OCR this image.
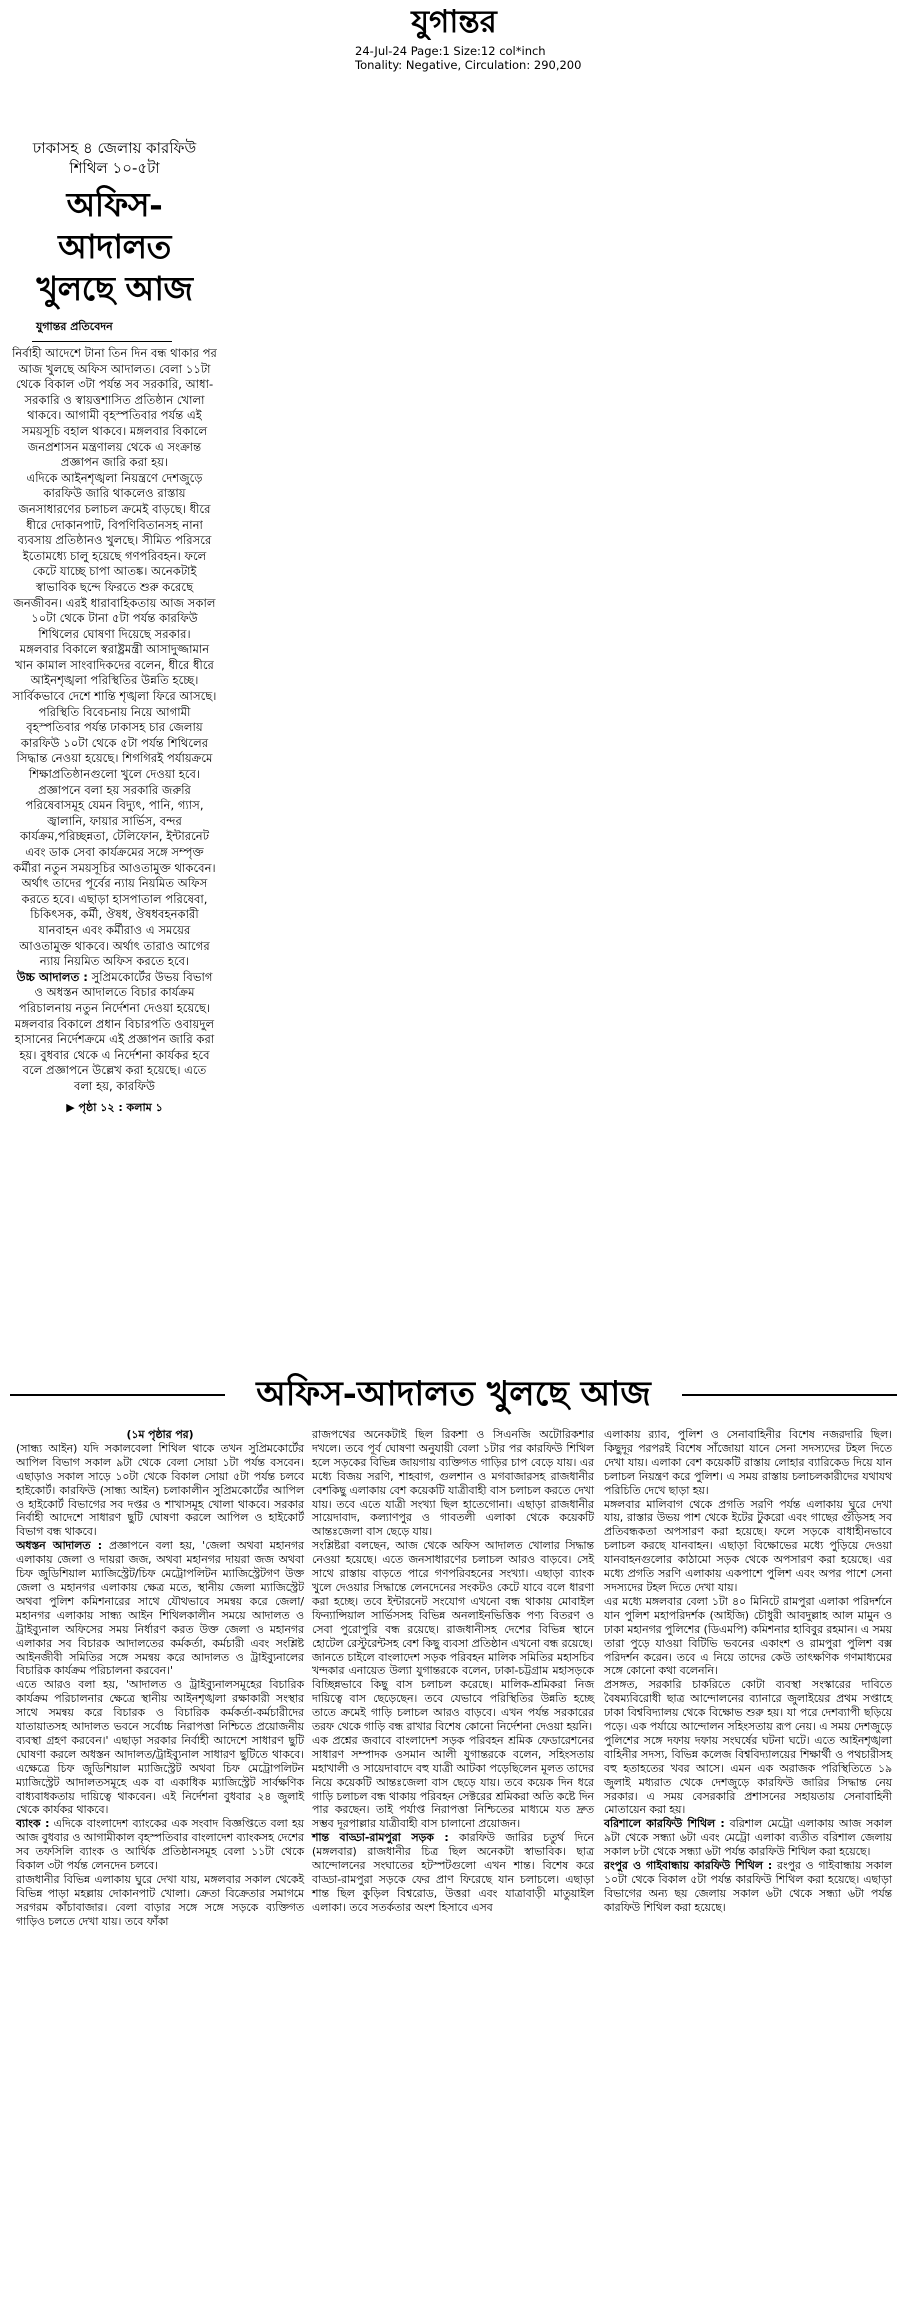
যুগান্তর
24-Jul-24 Page:1 Size:12 col*inch
Tonality: Negative, Circulation: 290,200
ঢাকাসহ ৪ জেলায় কারফিউ শিথিল ১০-৫টা
অফিস-আদালত
খুলছে আজ
যুগান্তর প্রতিবেদন

নির্বাহী আদেশে টানা তিন দিন বন্ধ থাকার পর আজ খুলছে অফিস আদালত। বেলা ১১টা থেকে বিকাল ৩টা পর্যন্ত সব সরকারি, আধা-সরকারি ও স্বায়ত্তশাসিত প্রতিষ্ঠান খোলা থাকবে। আগামী বৃহস্পতিবার পর্যন্ত এই সময়সূচি বহাল থাকবে। মঙ্গলবার বিকালে জনপ্রশাসন মন্ত্রণালয় থেকে এ সংক্রান্ত প্রজ্ঞাপন জারি করা হয়।

এদিকে আইনশৃঙ্খলা নিয়ন্ত্রণে দেশজুড়ে কারফিউ জারি থাকলেও রাস্তায় জনসাধারণের চলাচল ক্রমেই বাড়ছে। ধীরে ধীরে দোকানপাট, বিপণিবিতানসহ নানা ব্যবসায় প্রতিষ্ঠানও খুলছে। সীমিত পরিসরে ইতোমধ্যে চালু হয়েছে গণপরিবহন। ফলে কেটে যাচ্ছে চাপা আতঙ্ক। অনেকটাই স্বাভাবিক ছন্দে ফিরতে শুরু করেছে জনজীবন। এরই ধারাবাহিকতায় আজ সকাল ১০টা থেকে টানা ৫টা পর্যন্ত কারফিউ শিথিলের ঘোষণা দিয়েছে সরকার।

মঙ্গলবার বিকালে স্বরাষ্ট্রমন্ত্রী আসাদুজ্জামান খান কামাল সাংবাদিকদের বলেন, ধীরে ধীরে আইনশৃঙ্খলা পরিস্থিতির উন্নতি হচ্ছে। সার্বিকভাবে দেশে শান্তি শৃঙ্খলা ফিরে আসছে। পরিস্থিতি বিবেচনায় নিয়ে আগামী বৃহস্পতিবার পর্যন্ত ঢাকাসহ চার জেলায় কারফিউ ১০টা থেকে ৫টা পর্যন্ত শিথিলের সিদ্ধান্ত নেওয়া হয়েছে। শিগগিরই পর্যায়ক্রমে শিক্ষাপ্রতিষ্ঠানগুলো খুলে দেওয়া হবে।

প্রজ্ঞাপনে বলা হয় সরকারি জরুরি পরিষেবাসমূহ যেমন বিদ্যুৎ, পানি, গ্যাস, জ্বালানি, ফায়ার সার্ভিস, বন্দর কার্যক্রম,পরিচ্ছন্নতা, টেলিফোন, ইন্টারনেট এবং ডাক সেবা কার্যক্রমের সঙ্গে সম্পৃক্ত কর্মীরা নতুন সময়সূচির আওতামুক্ত থাকবেন। অর্থাৎ তাদের পূর্বের ন্যায় নিয়মিত অফিস করতে হবে। এছাড়া হাসপাতাল পরিষেবা, চিকিৎসক, কর্মী, ঔষধ, ঔষধবহনকারী যানবাহন এবং কর্মীরাও এ সময়ের আওতামুক্ত থাকবে। অর্থাৎ তারাও আগের ন্যায় নিয়মিত অফিস করতে হবে।

উচ্চ আদালত : সুপ্রিমকোর্টের উভয় বিভাগ ও অধস্তন আদালতে বিচার কার্যক্রম পরিচালনায় নতুন নির্দেশনা দেওয়া হয়েছে। মঙ্গলবার বিকালে প্রধান বিচারপতি ওবায়দুল হাসানের নির্দেশক্রমে এই প্রজ্ঞাপন জারি করা হয়। বুধবার থেকে এ নির্দেশনা কার্যকর হবে বলে প্রজ্ঞাপনে উল্লেখ করা হয়েছে। এতে বলা হয়, কারফিউ

▶ পৃষ্ঠা ১২ : কলাম ১
অফিস-আদালত খুলছে আজ

(১ম পৃষ্ঠার পর)

(সান্ধ্য আইন) যদি সকালবেলা শিথিল থাকে তখন সুপ্রিমকোর্টের আপিল বিভাগ সকাল ৯টা থেকে বেলা সোয়া ১টা পর্যন্ত বসবেন। এছাড়াও সকাল সাড়ে ১০টা থেকে বিকাল সোয়া ৫টা পর্যন্ত চলবে হাইকোর্ট। কারফিউ (সান্ধ্য আইন) চলাকালীন সুপ্রিমকোর্টের আপিল ও হাইকোর্ট বিভাগের সব দপ্তর ও শাখাসমূহ খোলা থাকবে। সরকার নির্বাহী আদেশে সাধারণ ছুটি ঘোষণা করলে আপিল ও হাইকোর্ট বিভাগ বন্ধ থাকবে।

অধস্তন আদালত : প্রজ্ঞাপনে বলা হয়, 'জেলা অথবা মহানগর এলাকায় জেলা ও দায়রা জজ, অথবা মহানগর দায়রা জজ অথবা চিফ জুডিশিয়াল ম্যাজিস্ট্রেট/চিফ মেট্রোপলিটন ম্যাজিস্ট্রেটগণ উক্ত জেলা ও মহানগর এলাকায় ক্ষেত্র মতে, স্থানীয় জেলা ম্যাজিস্ট্রেট অথবা পুলিশ কমিশনারের সাথে যৌথভাবে সমন্বয় করে জেলা/মহানগর এলাকায় সান্ধ্য আইন শিথিলকালীন সময়ে আদালত ও ট্রাইব্যুনাল অফিসের সময় নির্ধারণ করত উক্ত জেলা ও মহানগর এলাকার সব বিচারক আদালতের কর্মকর্তা, কর্মচারী এবং সংশ্লিষ্ট আইনজীবী সমিতির সঙ্গে সমন্বয় করে আদালত ও ট্রাইব্যুনালের বিচারিক কার্যক্রম পরিচালনা করবেন।'

এতে আরও বলা হয়, 'আদালত ও ট্রাইব্যুনালসমূহের বিচারিক কার্যক্রম পরিচালনার ক্ষেত্রে স্থানীয় আইনশৃঙ্খলা রক্ষাকারী সংস্থার সাথে সমন্বয় করে বিচারক ও বিচারিক কর্মকর্তা-কর্মচারীদের যাতায়াতসহ আদালত ভবনে সর্বোচ্চ নিরাপত্তা নিশ্চিতে প্রয়োজনীয় ব্যবস্থা গ্রহণ করবেন।' এছাড়া সরকার নির্বাহী আদেশে সাধারণ ছুটি ঘোষণা করলে অধস্তন আদালত/ট্রাইব্যুনাল সাধারণ ছুটিতে থাকবে। এক্ষেত্রে চিফ জুডিশিয়াল ম্যাজিস্ট্রেট অথবা চিফ মেট্রোপলিটন ম্যাজিস্ট্রেট আদালতসমূহে এক বা একাধিক ম্যাজিস্ট্রেট সার্বক্ষণিক বাধ্যবাধকতায় দায়িত্বে থাকবেন। এই নির্দেশনা বুধবার ২৪ জুলাই থেকে কার্যকর থাকবে।

ব্যাংক : এদিকে বাংলাদেশ ব্যাংকের এক সংবাদ বিজ্ঞপ্তিতে বলা হয় আজ বুধবার ও আগামীকাল বৃহস্পতিবার বাংলাদেশ ব্যাংকসহ দেশের সব তফসিলি ব্যাংক ও আর্থিক প্রতিষ্ঠানসমূহ বেলা ১১টা থেকে বিকাল ৩টা পর্যন্ত লেনদেন চলবে।

রাজধানীর বিভিন্ন এলাকায় ঘুরে দেখা যায়, মঙ্গলবার সকাল থেকেই বিভিন্ন পাড়া মহল্লায় দোকানপাট খোলা। ক্রেতা বিক্রেতার সমাগমে সরগরম কাঁচাবাজার। বেলা বাড়ার সঙ্গে সঙ্গে সড়কে ব্যক্তিগত গাড়িও চলতে দেখা যায়। তবে ফাঁকা

রাজপথের অনেকটাই ছিল রিকশা ও সিএনজি অটোরিকশার দখলে। তবে পূর্ব ঘোষণা অনুযায়ী বেলা ১টার পর কারফিউ শিথিল হলে সড়কের বিভিন্ন জায়গায় ব্যক্তিগত গাড়ির চাপ বেড়ে যায়। এর মধ্যে বিজয় সরণি, শাহবাগ, গুলশান ও মগবাজারসহ রাজধানীর বেশকিছু এলাকায় বেশ কয়েকটি যাত্রীবাহী বাস চলাচল করতে দেখা যায়। তবে এতে যাত্রী সংখ্যা ছিল হাতেগোনা। এছাড়া রাজধানীর সায়েদাবাদ, কল্যাণপুর ও গাবতলী এলাকা থেকে কয়েকটি আন্তঃজেলা বাস ছেড়ে যায়।

সংশ্লিষ্টরা বলছেন, আজ থেকে অফিস আদালত খোলার সিদ্ধান্ত নেওয়া হয়েছে। এতে জনসাধারণের চলাচল আরও বাড়বে। সেই সাথে রাস্তায় বাড়তে পারে গণপরিবহনের সংখ্যা। এছাড়া ব্যাংক খুলে দেওয়ার সিদ্ধান্তে লেনদেনের সংকটও কেটে যাবে বলে ধারণা করা হচ্ছে। তবে ইন্টারনেট সংযোগ এখনো বন্ধ থাকায় মোবাইল ফিন্যান্সিয়াল সার্ভিসসহ বিভিন্ন অনলাইনভিত্তিক পণ্য বিতরণ ও সেবা পুরোপুরি বন্ধ রয়েছে। রাজধানীসহ দেশের বিভিন্ন স্থানে হোটেল রেস্টুরেন্টসহ বেশ কিছু ব্যবসা প্রতিষ্ঠান এখনো বন্ধ রয়েছে।

জানতে চাইলে বাংলাদেশ সড়ক পরিবহন মালিক সমিতির মহাসচিব খন্দকার এনায়েত উল্যা যুগান্তরকে বলেন, ঢাকা-চট্টগ্রাম মহাসড়কে বিচ্ছিন্নভাবে কিছু বাস চলাচল করেছে। মালিক-শ্রমিকরা নিজ দায়িত্বে বাস ছেড়েছেন। তবে যেভাবে পরিস্থিতির উন্নতি হচ্ছে তাতে ক্রমেই গাড়ি চলাচল আরও বাড়বে। এখন পর্যন্ত সরকারের তরফ থেকে গাড়ি বন্ধ রাখার বিশেষ কোনো নির্দেশনা দেওয়া হয়নি।

এক প্রশ্নের জবাবে বাংলাদেশ সড়ক পরিবহন শ্রমিক ফেডারেশনের সাধারণ সম্পাদক ওসমান আলী যুগান্তরকে বলেন, সহিংসতায় মহাখালী ও সায়েদাবাদে বহু যাত্রী আটকা পড়েছিলেন মূলত তাদের নিয়ে কয়েকটি আন্তঃজেলা বাস ছেড়ে যায়। তবে কয়েক দিন ধরে গাড়ি চলাচল বন্ধ থাকায় পরিবহন সেক্টরের শ্রমিকরা অতি কষ্টে দিন পার করছেন। তাই পর্যাপ্ত নিরাপত্তা নিশ্চিতের মাধ্যমে যত দ্রুত সম্ভব দূরপাল্লার যাত্রীবাহী বাস চালানো প্রয়োজন।

শান্ত বাড্ডা-রামপুরা সড়ক : কারফিউ জারির চতুর্থ দিনে (মঙ্গলবার) রাজধানীর চিত্র ছিল অনেকটা স্বাভাবিক। ছাত্র আন্দোলনের সংঘাতের হটস্পটগুলো এখন শান্ত। বিশেষ করে বাড্ডা-রামপুরা সড়কে ফের প্রাণ ফিরেছে যান চলাচলে। এছাড়া শান্ত ছিল কুড়িল বিশ্বরোড, উত্তরা এবং যাত্রাবাড়ী মাতুয়াইল এলাকা। তবে সতর্কতার অংশ হিসাবে এসব

এলাকায় র‌্যাব, পুলিশ ও সেনাবাহিনীর বিশেষ নজরদারি ছিল। কিছুদূর পরপরই বিশেষ সাঁজোয়া যানে সেনা সদস্যদের টহল দিতে দেখা যায়। এলাকা বেশ কয়েকটি রাস্তায় লোহার ব্যারিকেড দিয়ে যান চলাচল নিয়ন্ত্রণ করে পুলিশ। এ সময় রাস্তায় চলাচলকারীদের যথাযথ পরিচিতি দেখে ছাড়া হয়।

মঙ্গলবার মালিবাগ থেকে প্রগতি সরণি পর্যন্ত এলাকায় ঘুরে দেখা যায়, রাস্তার উভয় পাশ থেকে ইটের টুকরো এবং গাছের গুঁড়িসহ সব প্রতিবন্ধকতা অপসারণ করা হয়েছে। ফলে সড়কে বাধাহীনভাবে চলাচল করছে যানবাহন। এছাড়া বিক্ষোভের মধ্যে পুড়িয়ে দেওয়া যানবাহনগুলোর কাঠামো সড়ক থেকে অপসারণ করা হয়েছে। এর মধ্যে প্রগতি সরণি এলাকায় একপাশে পুলিশ এবং অপর পাশে সেনা সদস্যদের টহল দিতে দেখা যায়।

এর মধ্যে মঙ্গলবার বেলা ১টা ৪০ মিনিটে রামপুরা এলাকা পরিদর্শনে যান পুলিশ মহাপরিদর্শক (আইজি) চৌধুরী আবদুল্লাহ আল মামুন ও ঢাকা মহানগর পুলিশের (ডিএমপি) কমিশনার হাবিবুর রহমান। এ সময় তারা পুড়ে যাওয়া বিটিভি ভবনের একাংশ ও রামপুরা পুলিশ বক্স পরিদর্শন করেন। তবে এ নিয়ে তাদের কেউ তাৎক্ষণিক গণমাধ্যমের সঙ্গে কোনো কথা বলেননি।

প্রসঙ্গত, সরকারি চাকরিতে কোটা ব্যবস্থা সংস্কারের দাবিতে বৈষম্যবিরোধী ছাত্র আন্দোলনের ব্যানারে জুলাইয়ের প্রথম সপ্তাহে ঢাকা বিশ্ববিদ্যালয় থেকে বিক্ষোভ শুরু হয়। যা পরে দেশব্যাপী ছড়িয়ে পড়ে। এক পর্যায়ে আন্দোলন সহিংসতায় রূপ নেয়। এ সময় দেশজুড়ে পুলিশের সঙ্গে দফায় দফায় সংঘর্ষের ঘটনা ঘটে। এতে আইনশৃঙ্খলা বাহিনীর সদস্য, বিভিন্ন কলেজ বিশ্ববিদ্যালয়ের শিক্ষার্থী ও পথচারীসহ বহু হতাহতের খবর আসে। এমন এক অরাজক পরিস্থিতিতে ১৯ জুলাই মধ্যরাত থেকে দেশজুড়ে কারফিউ জারির সিদ্ধান্ত নেয় সরকার। এ সময় বেসরকারি প্রশাসনের সহায়তায় সেনাবাহিনী মোতায়েন করা হয়।

বরিশালে কারফিউ শিথিল : বরিশাল মেট্রো এলাকায় আজ সকাল ৯টা থেকে সন্ধ্যা ৬টা এবং মেট্রো এলাকা ব্যতীত বরিশাল জেলায় সকাল ৮টা থেকে সন্ধ্যা ৬টা পর্যন্ত কারফিউ শিথিল করা হয়েছে।

রংপুর ও গাইবান্ধায় কারফিউ শিথিল : রংপুর ও গাইবান্ধায় সকাল ১০টা থেকে বিকাল ৫টা পর্যন্ত কারফিউ শিথিল করা হয়েছে। এছাড়া বিভাগের অন্য ছয় জেলায় সকাল ৬টা থেকে সন্ধ্যা ৬টা পর্যন্ত কারফিউ শিথিল করা হয়েছে।
